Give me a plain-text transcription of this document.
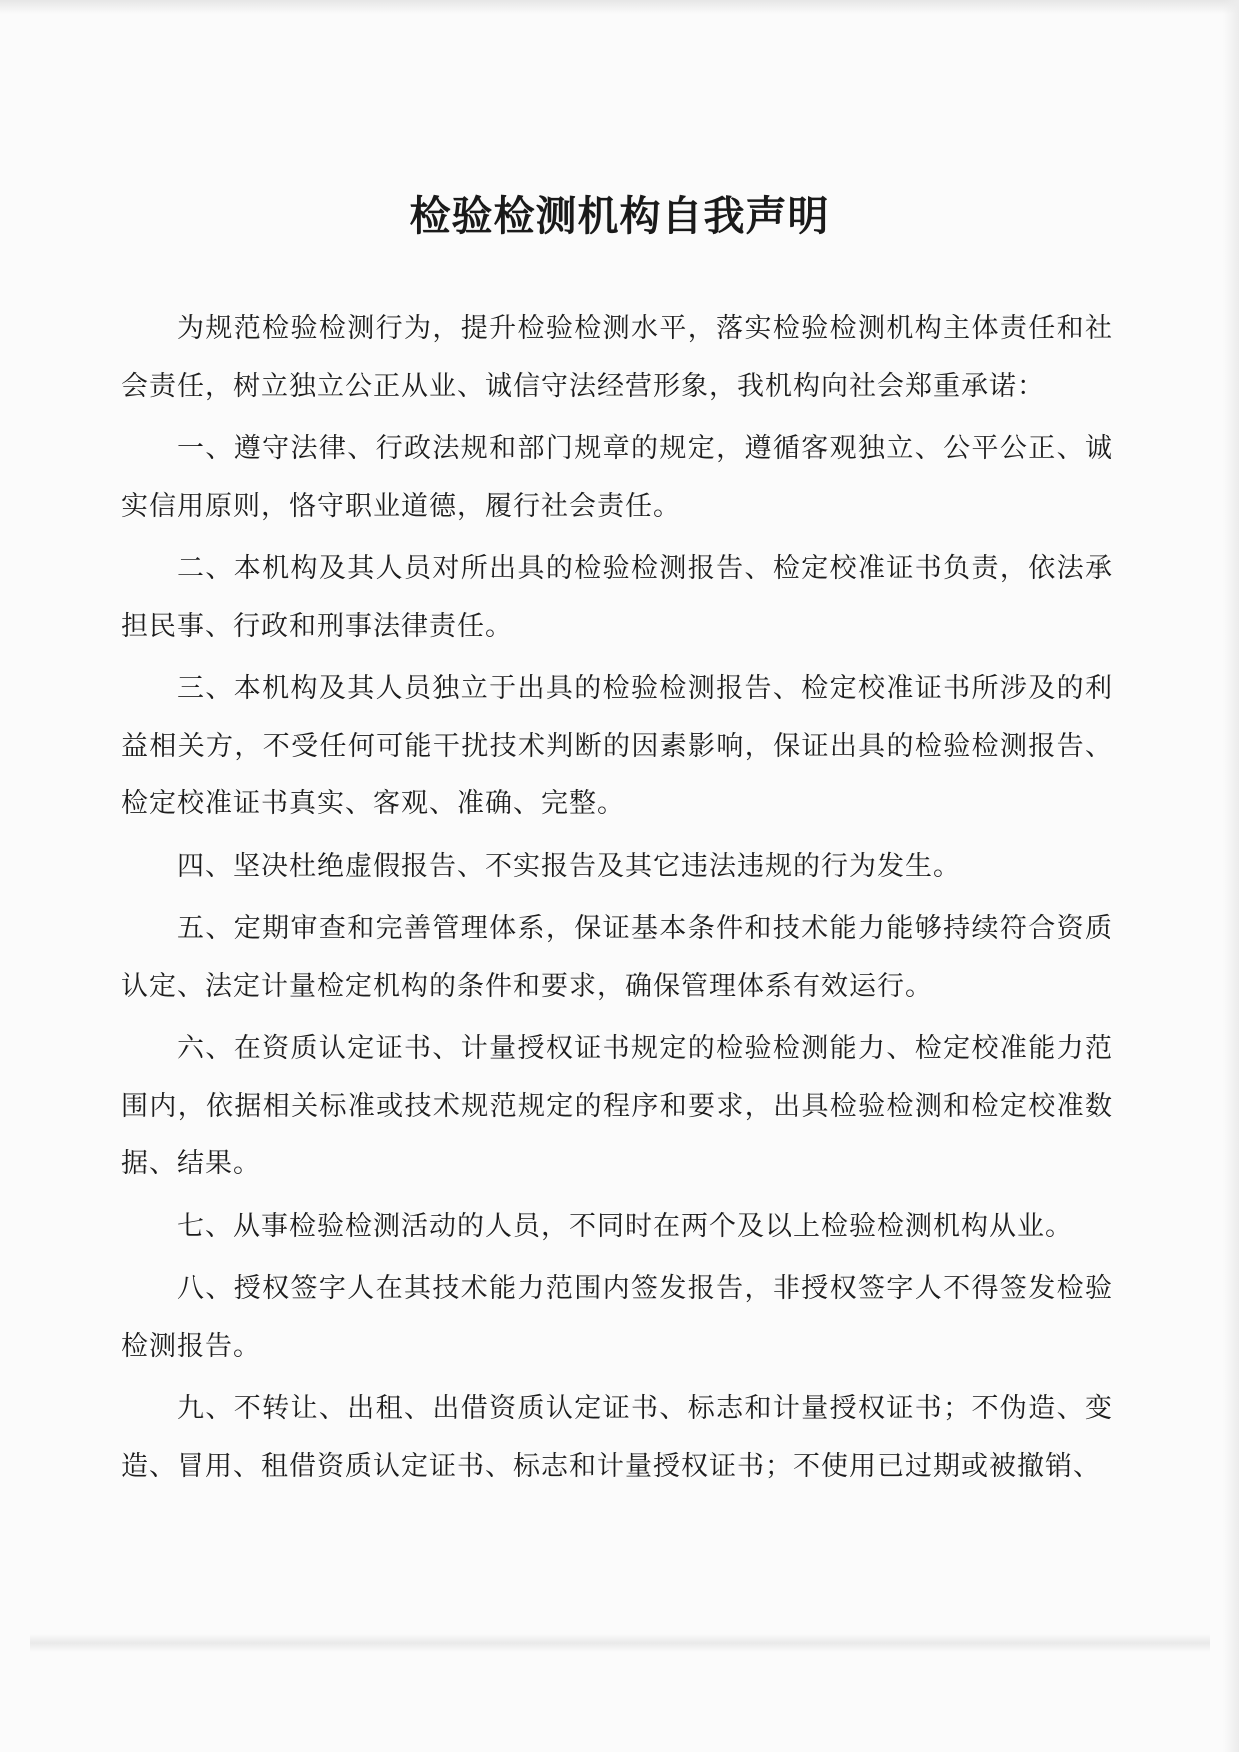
检验检测机构自我声明

为规范检验检测行为，提升检验检测水平，落实检验检测机构主体责任和社会责任，树立独立公正从业、诚信守法经营形象，我机构向社会郑重承诺：

一、遵守法律、行政法规和部门规章的规定，遵循客观独立、公平公正、诚实信用原则，恪守职业道德，履行社会责任。

二、本机构及其人员对所出具的检验检测报告、检定校准证书负责，依法承担民事、行政和刑事法律责任。

三、本机构及其人员独立于出具的检验检测报告、检定校准证书所涉及的利益相关方，不受任何可能干扰技术判断的因素影响，保证出具的检验检测报告、检定校准证书真实、客观、准确、完整。

四、坚决杜绝虚假报告、不实报告及其它违法违规的行为发生。

五、定期审查和完善管理体系，保证基本条件和技术能力能够持续符合资质认定、法定计量检定机构的条件和要求，确保管理体系有效运行。

六、在资质认定证书、计量授权证书规定的检验检测能力、检定校准能力范围内，依据相关标准或技术规范规定的程序和要求，出具检验检测和检定校准数据、结果。

七、从事检验检测活动的人员，不同时在两个及以上检验检测机构从业。

八、授权签字人在其技术能力范围内签发报告，非授权签字人不得签发检验检测报告。

九、不转让、出租、出借资质认定证书、标志和计量授权证书；不伪造、变造、冒用、租借资质认定证书、标志和计量授权证书；不使用已过期或被撤销、
